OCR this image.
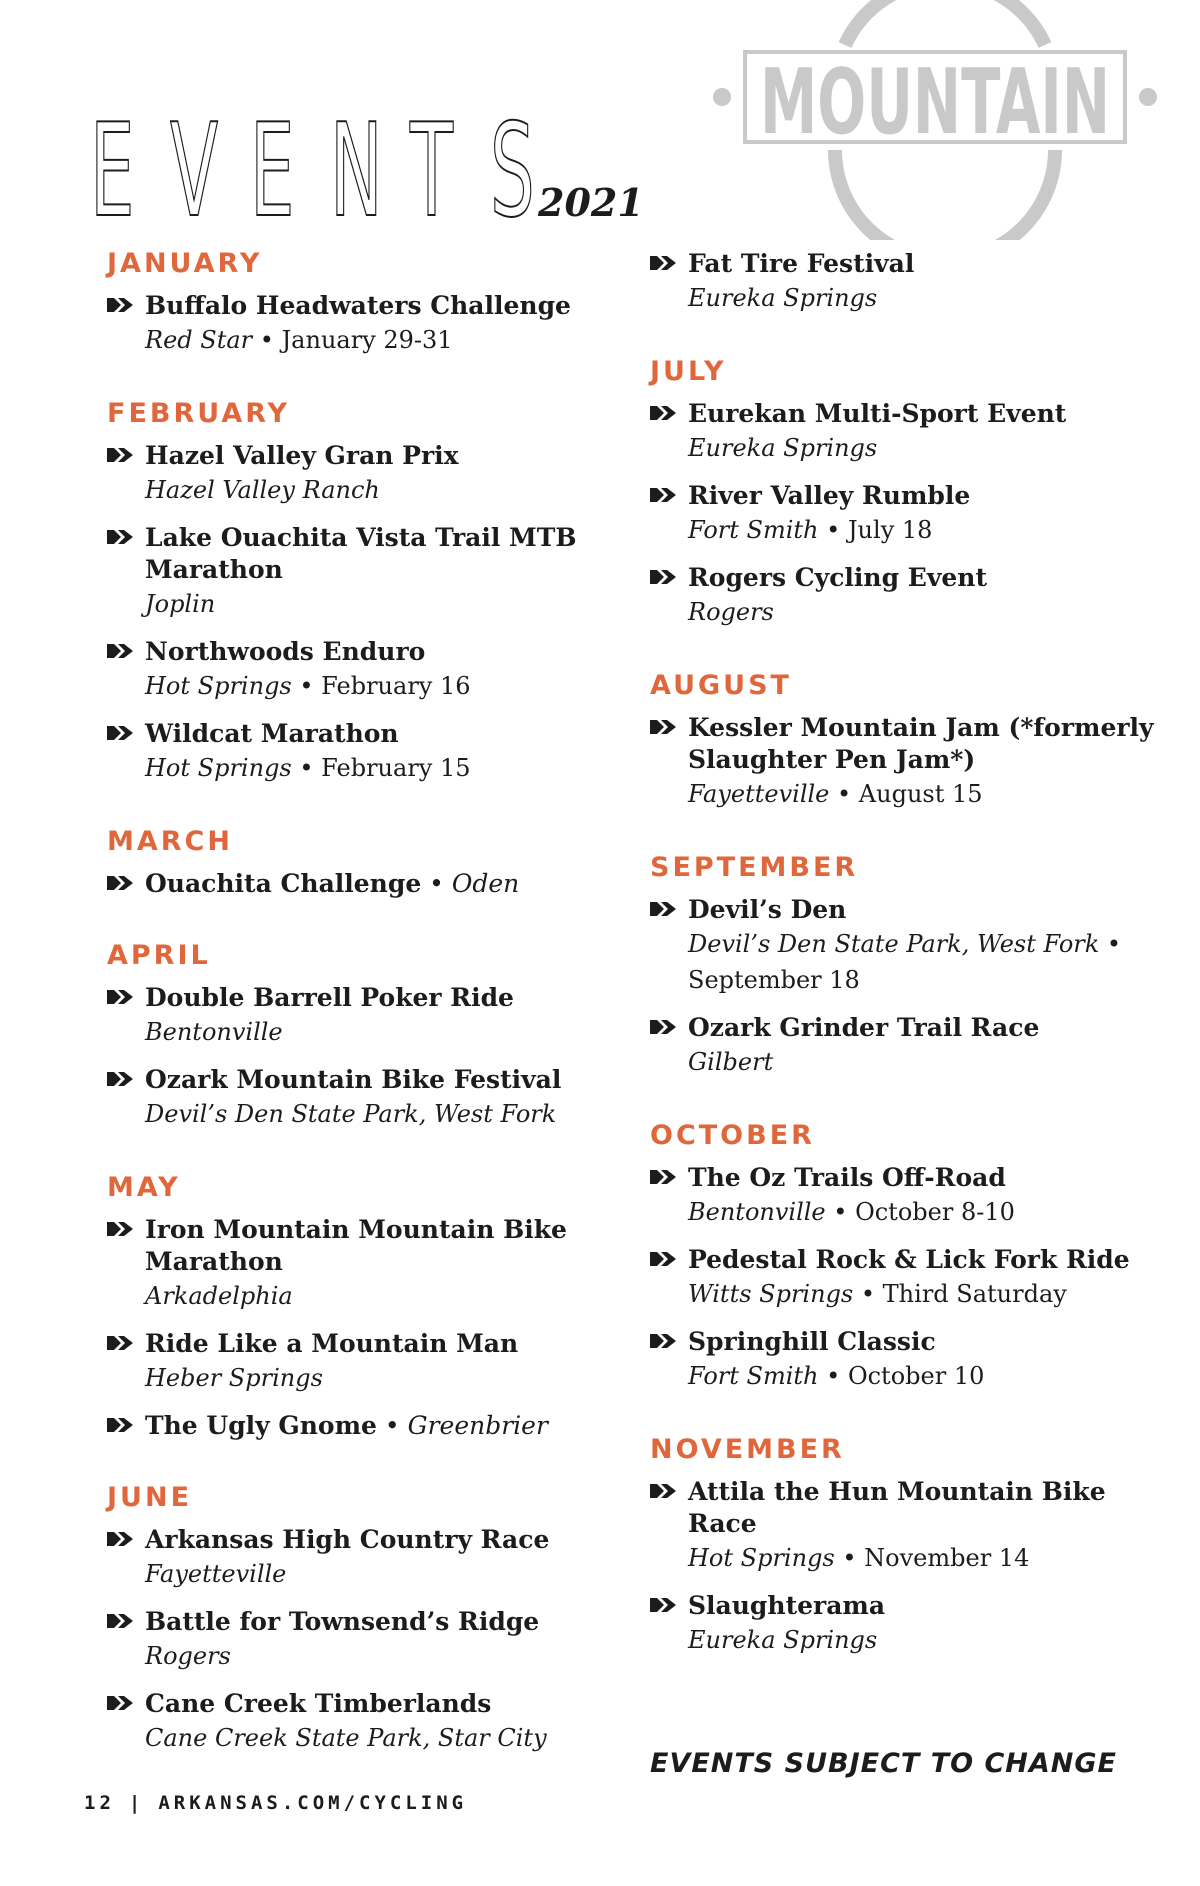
MOUNTAIN
E V E N T S 2021
JANUARY
Buffalo Headwaters Challenge
Red Star • January 29-31
FEBRUARY
Hazel Valley Gran Prix
Hazel Valley Ranch
Lake Ouachita Vista Trail MTB Marathon
Joplin
Northwoods Enduro
Hot Springs • February 16
Wildcat Marathon
Hot Springs • February 15
MARCH
Ouachita Challenge • Oden
APRIL
Double Barrell Poker Ride
Bentonville
Ozark Mountain Bike Festival
Devil’s Den State Park, West Fork
MAY
Iron Mountain Mountain Bike Marathon
Arkadelphia
Ride Like a Mountain Man
Heber Springs
The Ugly Gnome • Greenbrier
JUNE
Arkansas High Country Race
Fayetteville
Battle for Townsend’s Ridge
Rogers
Cane Creek Timberlands
Cane Creek State Park, Star City
Fat Tire Festival
Eureka Springs
JULY
Eurekan Multi-Sport Event
Eureka Springs
River Valley Rumble
Fort Smith • July 18
Rogers Cycling Event
Rogers
AUGUST
Kessler Mountain Jam (*formerly Slaughter Pen Jam*)
Fayetteville • August 15
SEPTEMBER
Devil’s Den
Devil’s Den State Park, West Fork • September 18
Ozark Grinder Trail Race
Gilbert
OCTOBER
The Oz Trails Off-Road
Bentonville • October 8-10
Pedestal Rock & Lick Fork Ride
Witts Springs • Third Saturday
Springhill Classic
Fort Smith • October 10
NOVEMBER
Attila the Hun Mountain Bike Race
Hot Springs • November 14
Slaughterama
Eureka Springs
EVENTS SUBJECT TO CHANGE
12 | ARKANSAS.COM/CYCLING
